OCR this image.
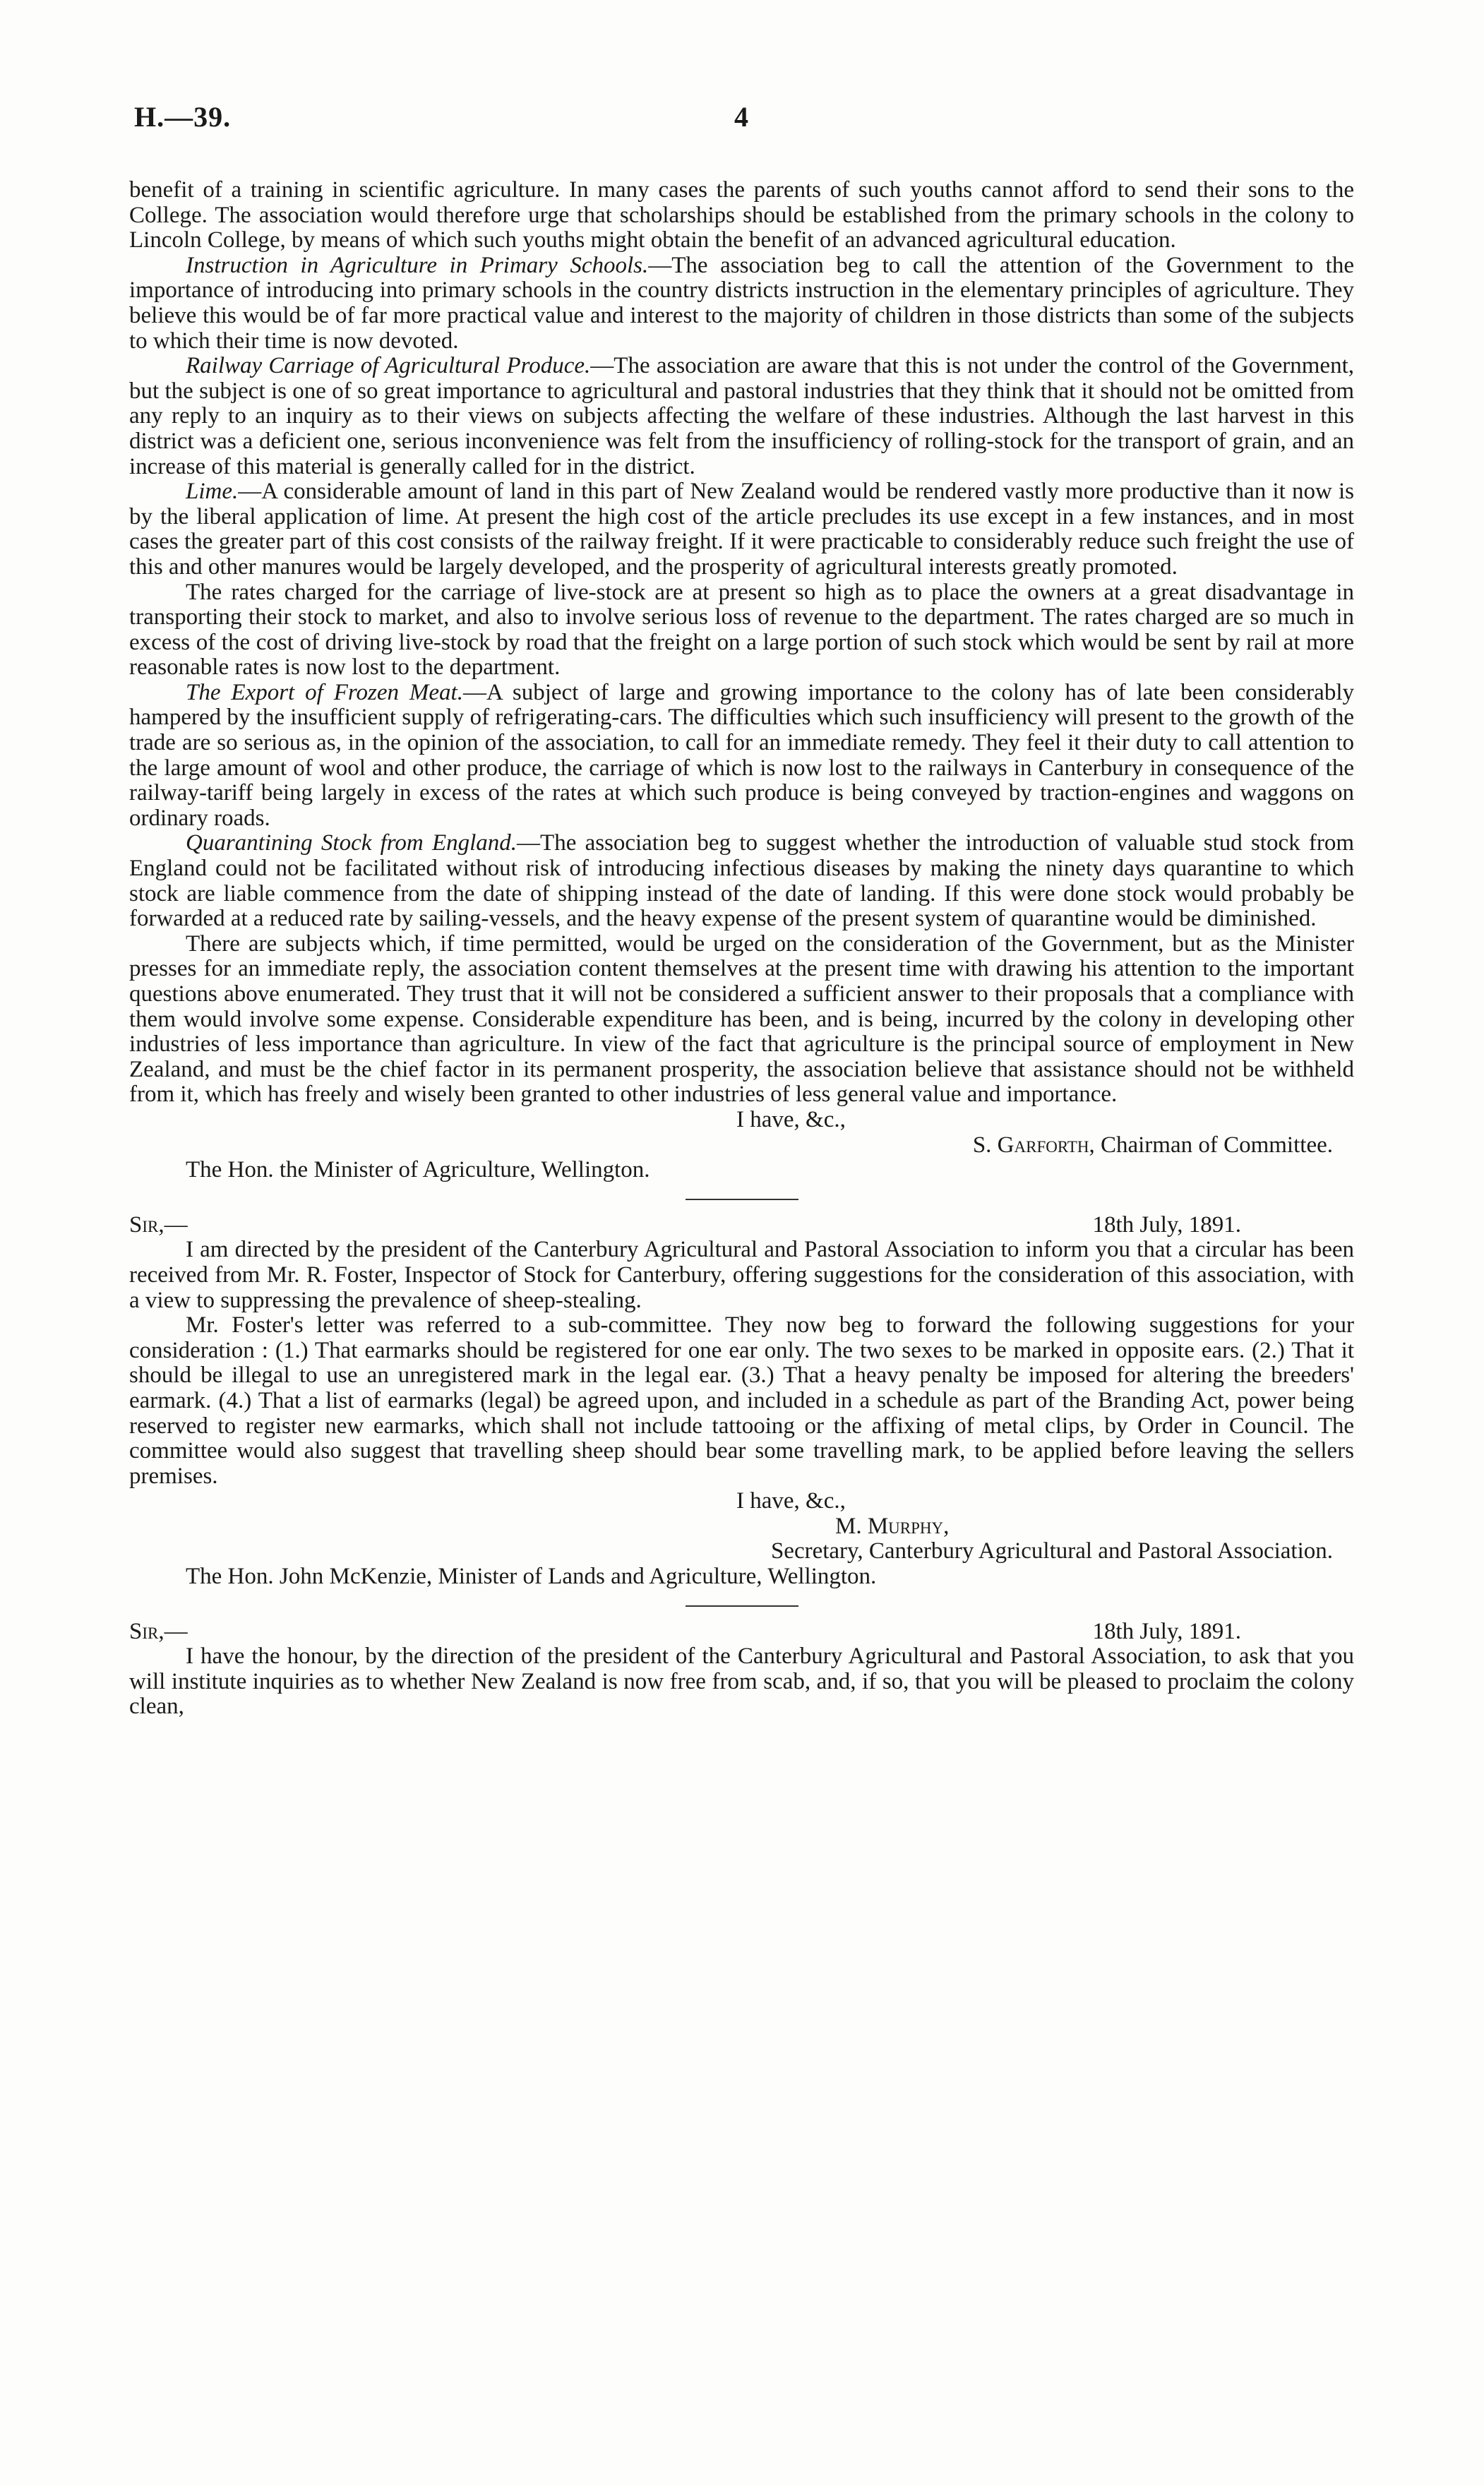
H.—39.	4

benefit of a training in scientific agriculture. In many cases the parents of such youths cannot afford to send their sons to the College. The association would therefore urge that scholarships should be established from the primary schools in the colony to Lincoln College, by means of which such youths might obtain the benefit of an advanced agricultural education.

Instruction in Agriculture in Primary Schools.—The association beg to call the attention of the Government to the importance of introducing into primary schools in the country districts instruction in the elementary principles of agriculture. They believe this would be of far more practical value and interest to the majority of children in those districts than some of the subjects to which their time is now devoted.

Railway Carriage of Agricultural Produce.—The association are aware that this is not under the control of the Government, but the subject is one of so great importance to agricultural and pastoral industries that they think that it should not be omitted from any reply to an inquiry as to their views on subjects affecting the welfare of these industries. Although the last harvest in this district was a deficient one, serious inconvenience was felt from the insufficiency of rolling-stock for the transport of grain, and an increase of this material is generally called for in the district.

Lime.—A considerable amount of land in this part of New Zealand would be rendered vastly more productive than it now is by the liberal application of lime. At present the high cost of the article precludes its use except in a few instances, and in most cases the greater part of this cost consists of the railway freight. If it were practicable to considerably reduce such freight the use of this and other manures would be largely developed, and the prosperity of agricultural interests greatly promoted.

The rates charged for the carriage of live-stock are at present so high as to place the owners at a great disadvantage in transporting their stock to market, and also to involve serious loss of revenue to the department. The rates charged are so much in excess of the cost of driving live-stock by road that the freight on a large portion of such stock which would be sent by rail at more reasonable rates is now lost to the department.

The Export of Frozen Meat.—A subject of large and growing importance to the colony has of late been considerably hampered by the insufficient supply of refrigerating-cars. The difficulties which such insufficiency will present to the growth of the trade are so serious as, in the opinion of the association, to call for an immediate remedy. They feel it their duty to call attention to the large amount of wool and other produce, the carriage of which is now lost to the railways in Canterbury in consequence of the railway-tariff being largely in excess of the rates at which such produce is being conveyed by traction-engines and waggons on ordinary roads.

Quarantining Stock from England.—The association beg to suggest whether the introduction of valuable stud stock from England could not be facilitated without risk of introducing infectious diseases by making the ninety days quarantine to which stock are liable commence from the date of shipping instead of the date of landing. If this were done stock would probably be forwarded at a reduced rate by sailing-vessels, and the heavy expense of the present system of quarantine would be diminished.

There are subjects which, if time permitted, would be urged on the consideration of the Government, but as the Minister presses for an immediate reply, the association content themselves at the present time with drawing his attention to the important questions above enumerated. They trust that it will not be considered a sufficient answer to their proposals that a compliance with them would involve some expense. Considerable expenditure has been, and is being, incurred by the colony in developing other industries of less importance than agriculture. In view of the fact that agriculture is the principal source of employment in New Zealand, and must be the chief factor in its permanent prosperity, the association believe that assistance should not be withheld from it, which has freely and wisely been granted to other industries of less general value and importance.

I have, &c.,

S. Garforth, Chairman of Committee.

The Hon. the Minister of Agriculture, Wellington.

Sir,—	18th July, 1891.

I am directed by the president of the Canterbury Agricultural and Pastoral Association to inform you that a circular has been received from Mr. R. Foster, Inspector of Stock for Canterbury, offering suggestions for the consideration of this association, with a view to suppressing the prevalence of sheep-stealing.

Mr. Foster's letter was referred to a sub-committee. They now beg to forward the following suggestions for your consideration : (1.) That earmarks should be registered for one ear only. The two sexes to be marked in opposite ears. (2.) That it should be illegal to use an unregistered mark in the legal ear. (3.) That a heavy penalty be imposed for altering the breeders' earmark. (4.) That a list of earmarks (legal) be agreed upon, and included in a schedule as part of the Branding Act, power being reserved to register new earmarks, which shall not include tattooing or the affixing of metal clips, by Order in Council. The committee would also suggest that travelling sheep should bear some travelling mark, to be applied before leaving the sellers premises.

I have, &c.,

M. Murphy,

Secretary, Canterbury Agricultural and Pastoral Association.

The Hon. John McKenzie, Minister of Lands and Agriculture, Wellington.

Sir,—	18th July, 1891.

I have the honour, by the direction of the president of the Canterbury Agricultural and Pastoral Association, to ask that you will institute inquiries as to whether New Zealand is now free from scab, and, if so, that you will be pleased to proclaim the colony clean,
